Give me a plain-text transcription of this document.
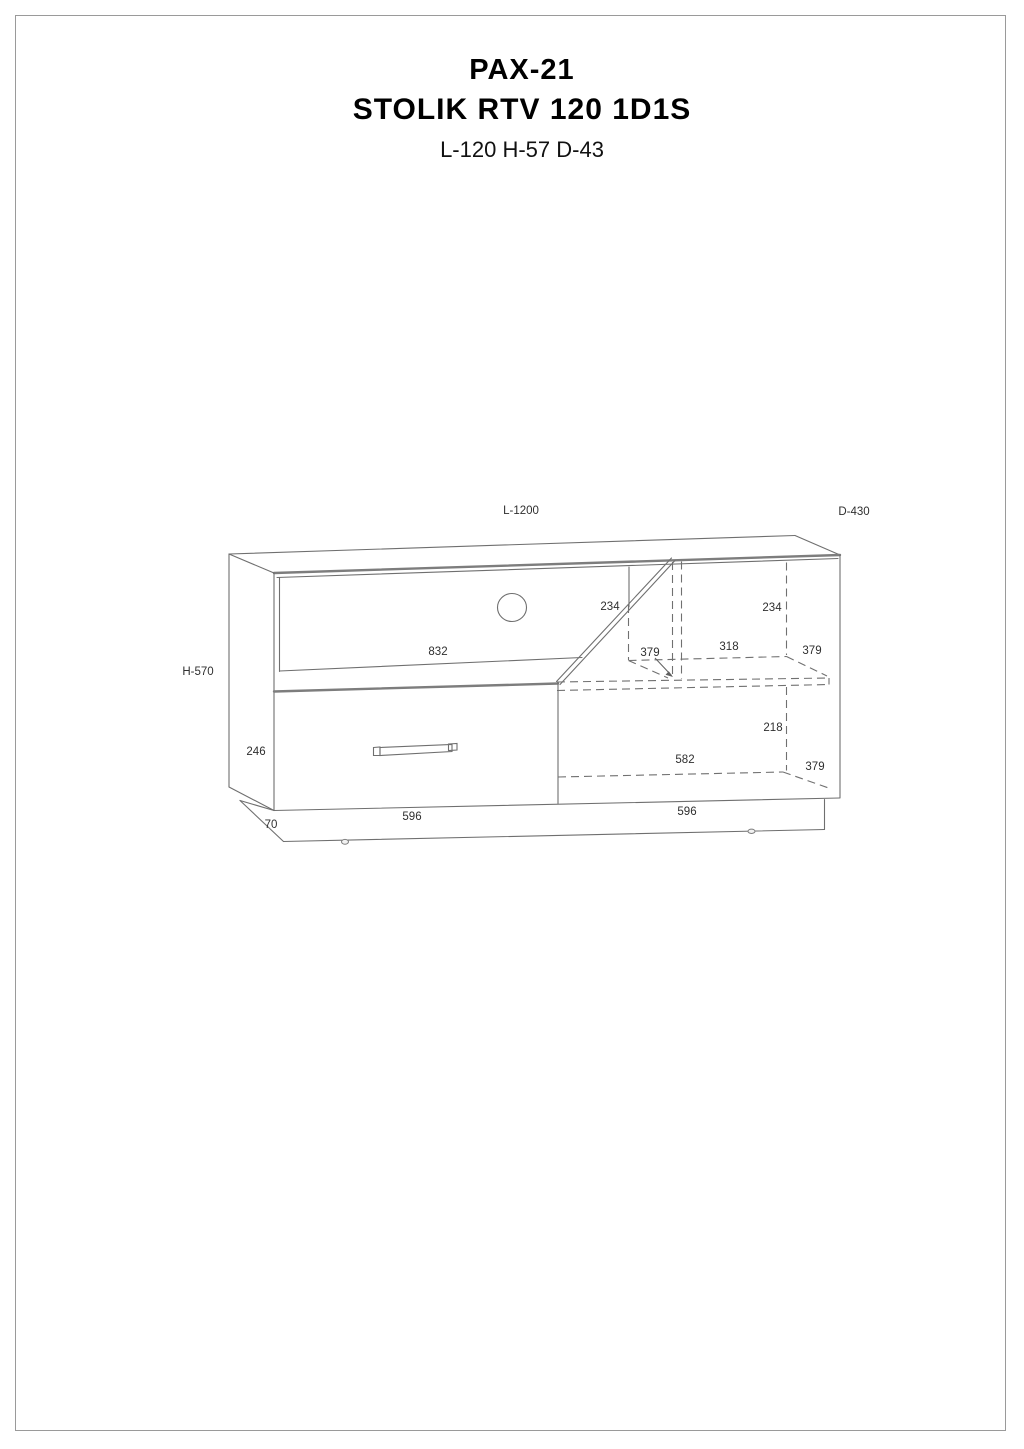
PAX-21
STOLIK RTV 120 1D1S
L-120 H-57 D-43
L-1200	D-430
H-570
234	234
832	379	318	379
218
246
582
379
596	596
70
